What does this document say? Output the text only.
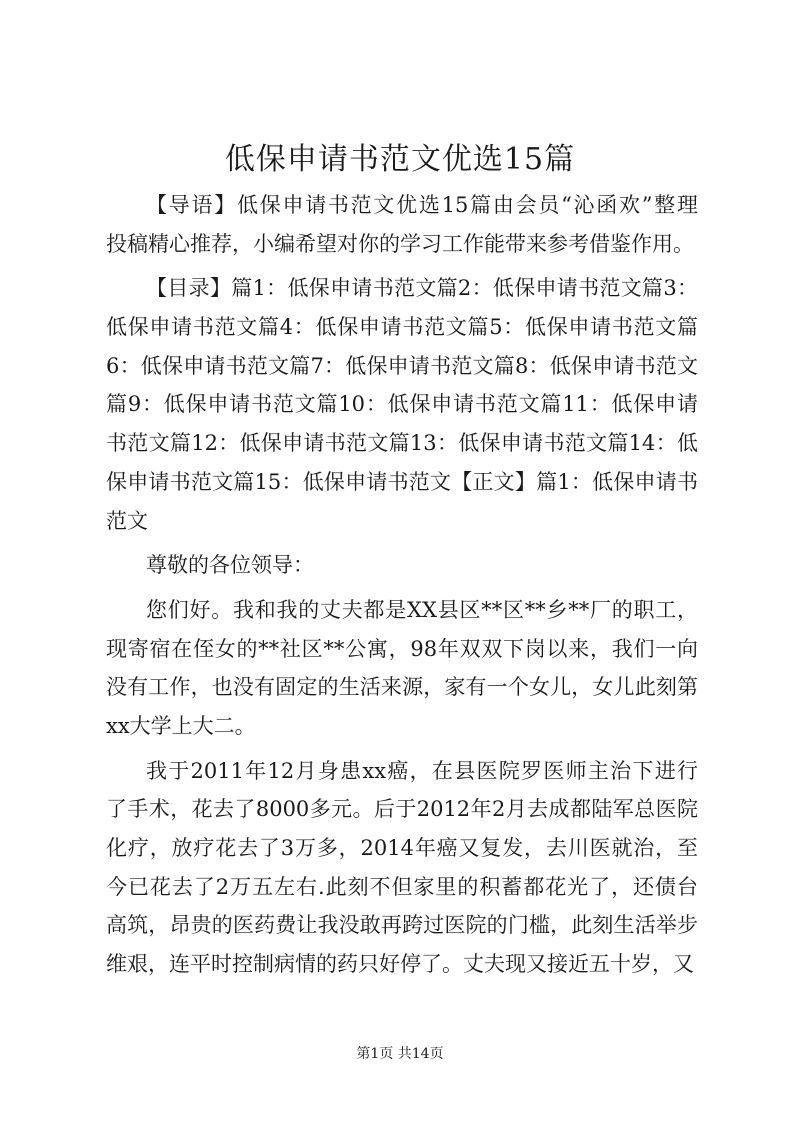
低保申请书范文优选15篇
【导语】低保申请书范文优选15篇由会员“沁函欢”整理
投稿精心推荐，小编希望对你的学习工作能带来参考借鉴作用。
【目录】篇1：低保申请书范文篇2：低保申请书范文篇3：
低保申请书范文篇4：低保申请书范文篇5：低保申请书范文篇
6：低保申请书范文篇7：低保申请书范文篇8：低保申请书范文
篇9：低保申请书范文篇10：低保申请书范文篇11：低保申请
书范文篇12：低保申请书范文篇13：低保申请书范文篇14：低
保申请书范文篇15：低保申请书范文【正文】篇1：低保申请书
范文
尊敬的各位领导：
您们好。我和我的丈夫都是XX县区**区**乡**厂的职工，
现寄宿在侄女的**社区**公寓，98年双双下岗以来，我们一向
没有工作，也没有固定的生活来源，家有一个女儿，女儿此刻第
xx大学上大二。
我于2011年12月身患xx癌，在县医院罗医师主治下进行
了手术，花去了8000多元。后于2012年2月去成都陆军总医院
化疗，放疗花去了3万多，2014年癌又复发，去川医就治，至
今已花去了2万五左右.此刻不但家里的积蓄都花光了，还债台
高筑，昂贵的医药费让我没敢再跨过医院的门槛，此刻生活举步
维艰，连平时控制病情的药只好停了。丈夫现又接近五十岁，又
第1页 共14页
